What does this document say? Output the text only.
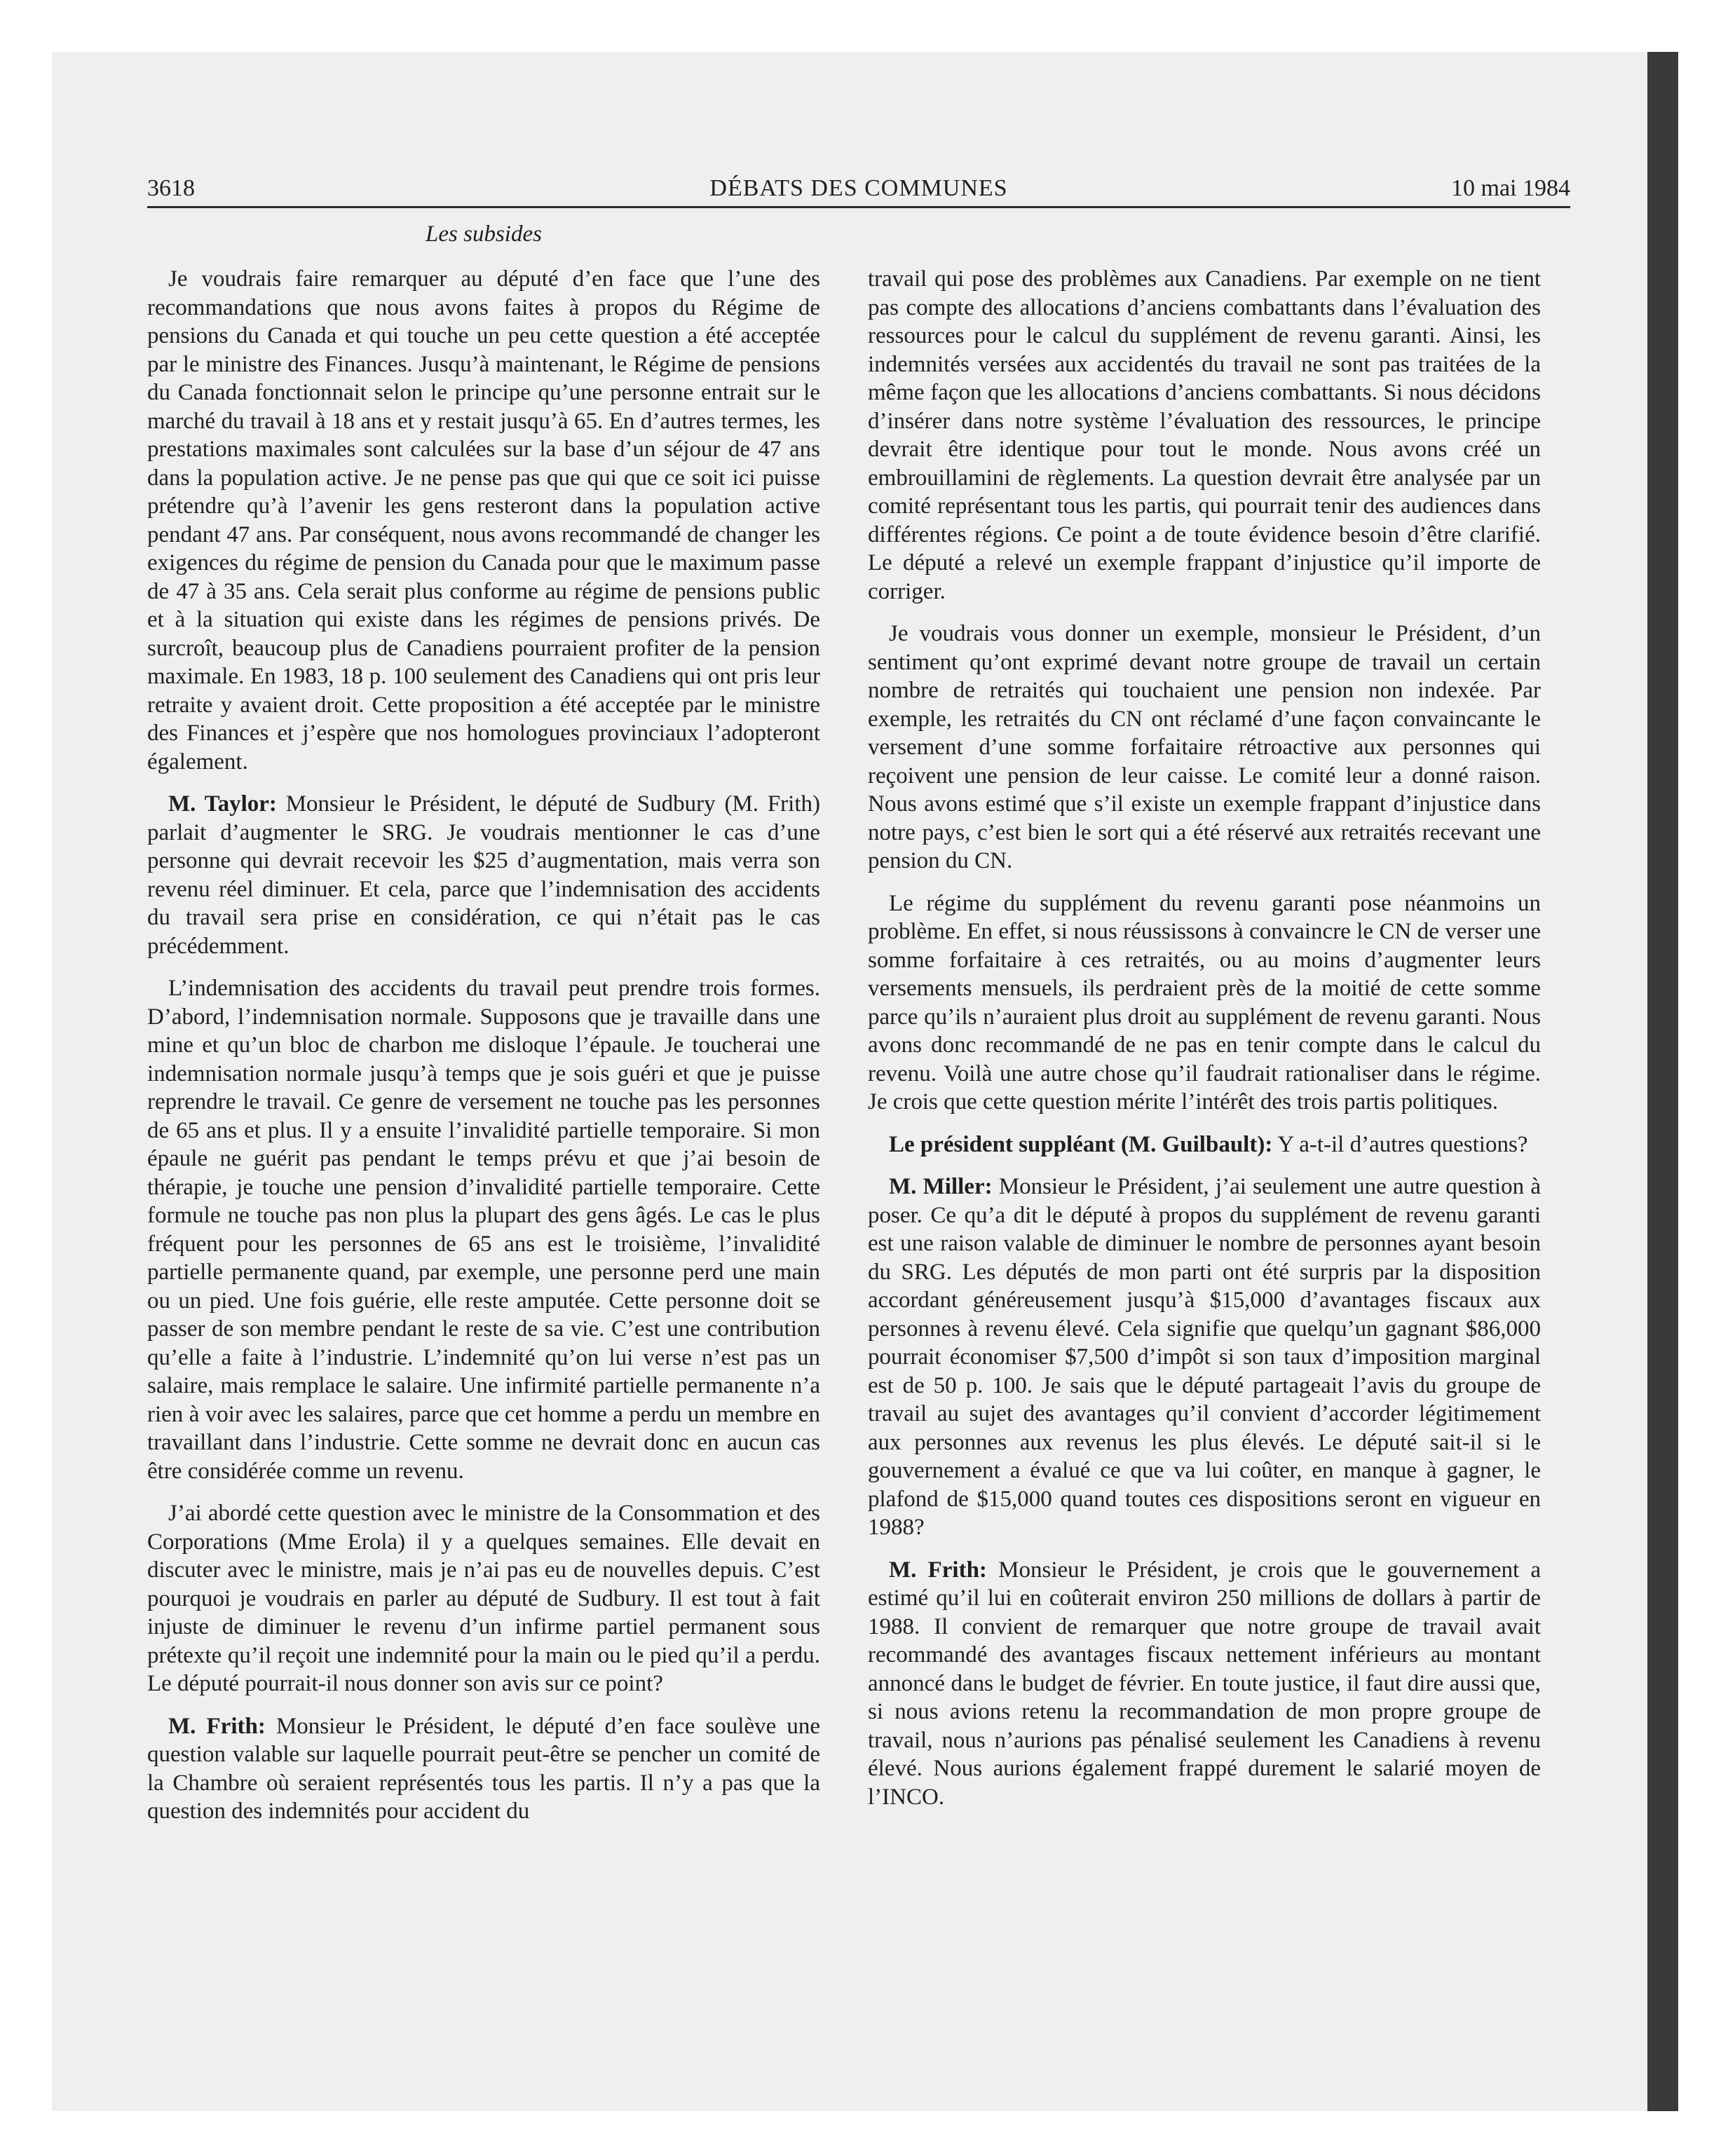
3618	DÉBATS DES COMMUNES	10 mai 1984
Les subsides

Je voudrais faire remarquer au député d’en face que l’une des recommandations que nous avons faites à propos du Régime de pensions du Canada et qui touche un peu cette question a été acceptée par le ministre des Finances. Jusqu’à maintenant, le Régime de pensions du Canada fonctionnait selon le principe qu’une personne entrait sur le marché du travail à 18 ans et y restait jusqu’à 65. En d’autres termes, les prestations maximales sont calculées sur la base d’un séjour de 47 ans dans la population active. Je ne pense pas que qui que ce soit ici puisse prétendre qu’à l’avenir les gens resteront dans la population active pendant 47 ans. Par conséquent, nous avons recommandé de changer les exigences du régime de pension du Canada pour que le maximum passe de 47 à 35 ans. Cela serait plus conforme au régime de pensions public et à la situation qui existe dans les régimes de pensions privés. De surcroît, beaucoup plus de Canadiens pourraient profiter de la pension maximale. En 1983, 18 p. 100 seulement des Canadiens qui ont pris leur retraite y avaient droit. Cette proposition a été acceptée par le ministre des Finances et j’espère que nos homologues provinciaux l’adopteront également.

M. Taylor: Monsieur le Président, le député de Sudbury (M. Frith) parlait d’augmenter le SRG. Je voudrais mentionner le cas d’une personne qui devrait recevoir les $25 d’augmentation, mais verra son revenu réel diminuer. Et cela, parce que l’indemnisation des accidents du travail sera prise en considération, ce qui n’était pas le cas précédemment.

L’indemnisation des accidents du travail peut prendre trois formes. D’abord, l’indemnisation normale. Supposons que je travaille dans une mine et qu’un bloc de charbon me disloque l’épaule. Je toucherai une indemnisation normale jusqu’à temps que je sois guéri et que je puisse reprendre le travail. Ce genre de versement ne touche pas les personnes de 65 ans et plus. Il y a ensuite l’invalidité partielle temporaire. Si mon épaule ne guérit pas pendant le temps prévu et que j’ai besoin de thérapie, je touche une pension d’invalidité partielle temporaire. Cette formule ne touche pas non plus la plupart des gens âgés. Le cas le plus fréquent pour les personnes de 65 ans est le troisième, l’invalidité partielle permanente quand, par exemple, une personne perd une main ou un pied. Une fois guérie, elle reste amputée. Cette personne doit se passer de son membre pendant le reste de sa vie. C’est une contribution qu’elle a faite à l’industrie. L’indemnité qu’on lui verse n’est pas un salaire, mais remplace le salaire. Une infirmité partielle permanente n’a rien à voir avec les salaires, parce que cet homme a perdu un membre en travaillant dans l’industrie. Cette somme ne devrait donc en aucun cas être considérée comme un revenu.

J’ai abordé cette question avec le ministre de la Consommation et des Corporations (Mme Erola) il y a quelques semaines. Elle devait en discuter avec le ministre, mais je n’ai pas eu de nouvelles depuis. C’est pourquoi je voudrais en parler au député de Sudbury. Il est tout à fait injuste de diminuer le revenu d’un infirme partiel permanent sous prétexte qu’il reçoit une indemnité pour la main ou le pied qu’il a perdu. Le député pourrait-il nous donner son avis sur ce point?

M. Frith: Monsieur le Président, le député d’en face soulève une question valable sur laquelle pourrait peut-être se pencher un comité de la Chambre où seraient représentés tous les partis. Il n’y a pas que la question des indemnités pour accident du

travail qui pose des problèmes aux Canadiens. Par exemple on ne tient pas compte des allocations d’anciens combattants dans l’évaluation des ressources pour le calcul du supplément de revenu garanti. Ainsi, les indemnités versées aux accidentés du travail ne sont pas traitées de la même façon que les allocations d’anciens combattants. Si nous décidons d’insérer dans notre système l’évaluation des ressources, le principe devrait être identique pour tout le monde. Nous avons créé un embrouillamini de règlements. La question devrait être analysée par un comité représentant tous les partis, qui pourrait tenir des audiences dans différentes régions. Ce point a de toute évidence besoin d’être clarifié. Le député a relevé un exemple frappant d’injustice qu’il importe de corriger.

Je voudrais vous donner un exemple, monsieur le Président, d’un sentiment qu’ont exprimé devant notre groupe de travail un certain nombre de retraités qui touchaient une pension non indexée. Par exemple, les retraités du CN ont réclamé d’une façon convaincante le versement d’une somme forfaitaire rétroactive aux personnes qui reçoivent une pension de leur caisse. Le comité leur a donné raison. Nous avons estimé que s’il existe un exemple frappant d’injustice dans notre pays, c’est bien le sort qui a été réservé aux retraités recevant une pension du CN.

Le régime du supplément du revenu garanti pose néanmoins un problème. En effet, si nous réussissons à convaincre le CN de verser une somme forfaitaire à ces retraités, ou au moins d’augmenter leurs versements mensuels, ils perdraient près de la moitié de cette somme parce qu’ils n’auraient plus droit au supplément de revenu garanti. Nous avons donc recommandé de ne pas en tenir compte dans le calcul du revenu. Voilà une autre chose qu’il faudrait rationaliser dans le régime. Je crois que cette question mérite l’intérêt des trois partis politiques.

Le président suppléant (M. Guilbault): Y a-t-il d’autres questions?

M. Miller: Monsieur le Président, j’ai seulement une autre question à poser. Ce qu’a dit le député à propos du supplément de revenu garanti est une raison valable de diminuer le nombre de personnes ayant besoin du SRG. Les députés de mon parti ont été surpris par la disposition accordant généreusement jusqu’à $15,000 d’avantages fiscaux aux personnes à revenu élevé. Cela signifie que quelqu’un gagnant $86,000 pourrait économiser $7,500 d’impôt si son taux d’imposition marginal est de 50 p. 100. Je sais que le député partageait l’avis du groupe de travail au sujet des avantages qu’il convient d’accorder légitimement aux personnes aux revenus les plus élevés. Le député sait-il si le gouvernement a évalué ce que va lui coûter, en manque à gagner, le plafond de $15,000 quand toutes ces dispositions seront en vigueur en 1988?

M. Frith: Monsieur le Président, je crois que le gouvernement a estimé qu’il lui en coûterait environ 250 millions de dollars à partir de 1988. Il convient de remarquer que notre groupe de travail avait recommandé des avantages fiscaux nettement inférieurs au montant annoncé dans le budget de février. En toute justice, il faut dire aussi que, si nous avions retenu la recommandation de mon propre groupe de travail, nous n’aurions pas pénalisé seulement les Canadiens à revenu élevé. Nous aurions également frappé durement le salarié moyen de l’INCO.
